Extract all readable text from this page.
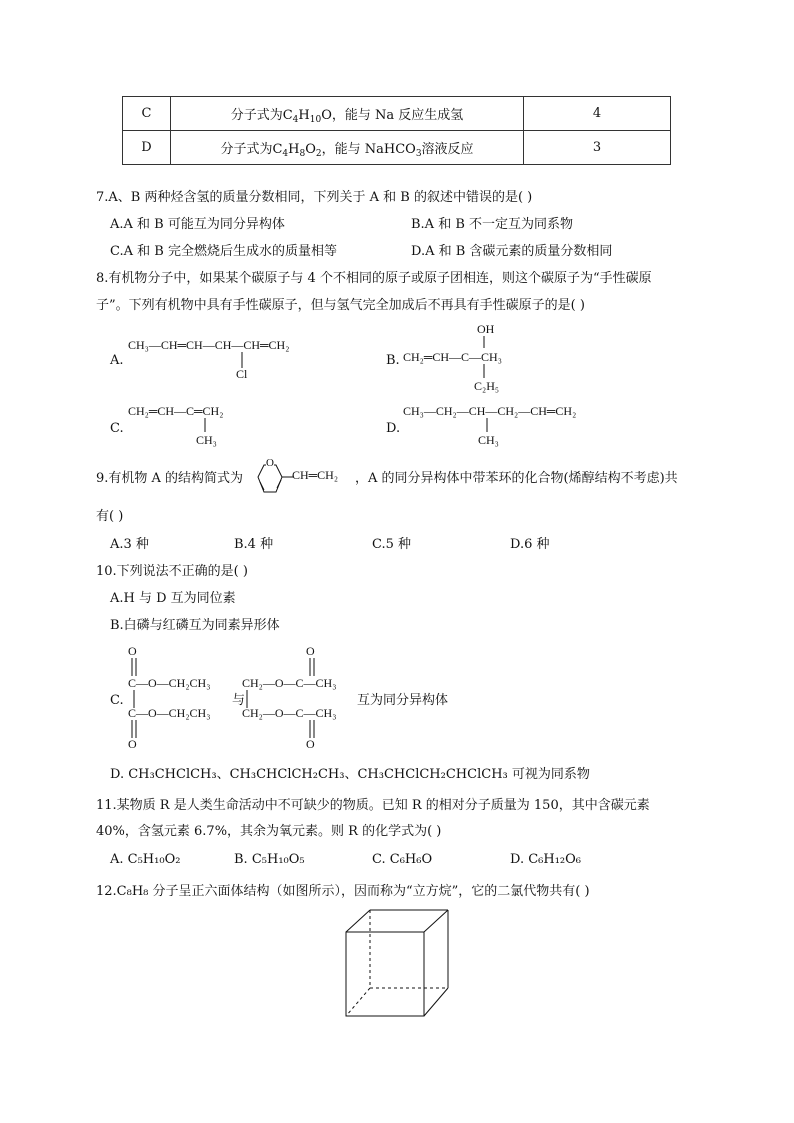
C	分子式为$C_4H_{10}O$，能与 Na 反应生成氢	4
D	分子式为$C_4H_8O_2$，能与 NaHCO$_3$溶液反应	3
7.A、B 两种烃含氢的质量分数相同，下列关于 A 和 B 的叙述中错误的是( )
A.A 和 B 可能互为同分异构体	B.A 和 B 不一定互为同系物
C.A 和 B 完全燃烧后生成水的质量相等	D.A 和 B 含碳元素的质量分数相同
8.有机物分子中，如果某个碳原子与 4 个不相同的原子或原子团相连，则这个碳原子为“手性碳原
子”。下列有机物中具有手性碳原子，但与氢气完全加成后不再具有手性碳原子的是( )
A.
CH₃—CH═CH—CH—CH═CH₂
Cl
B.
OH
CH₂═CH—C—CH₃
C₂H₅
C.
CH₂═CH—C═CH₂
CH₃
D.
CH₃—CH₂—CH—CH₂—CH═CH₂
CH₃
9.有机物 A 的结构简式为
O
CH═CH₂ ，A 的同分异构体中带苯环的化合物(烯醇结构不考虑)共
有( )
A.3 种	B.4 种	C.5 种	D.6 种
10.下列说法不正确的是( )
A.H 与 D 互为同位素
B.白磷与红磷互为同素异形体
C.
O
C—O—CH₂CH₃
C—O—CH₂CH₃
O
与
O
CH₂—O—C—CH₃
CH₂—O—C—CH₃
O
互为同分异构体
D. CH₃CHClCH₃、CH₃CHClCH₂CH₃、CH₃CHClCH₂CHClCH₃ 可视为同系物
11.某物质 R 是人类生命活动中不可缺少的物质。已知 R 的相对分子质量为 150，其中含碳元素
40%，含氢元素 6.7%，其余为氧元素。则 R 的化学式为( )
A. C₅H₁₀O₂	B. C₅H₁₀O₅	C. C₆H₆O	D. C₆H₁₂O₆
12.C₈H₈ 分子呈正六面体结构（如图所示），因而称为“立方烷”，它的二氯代物共有( )
